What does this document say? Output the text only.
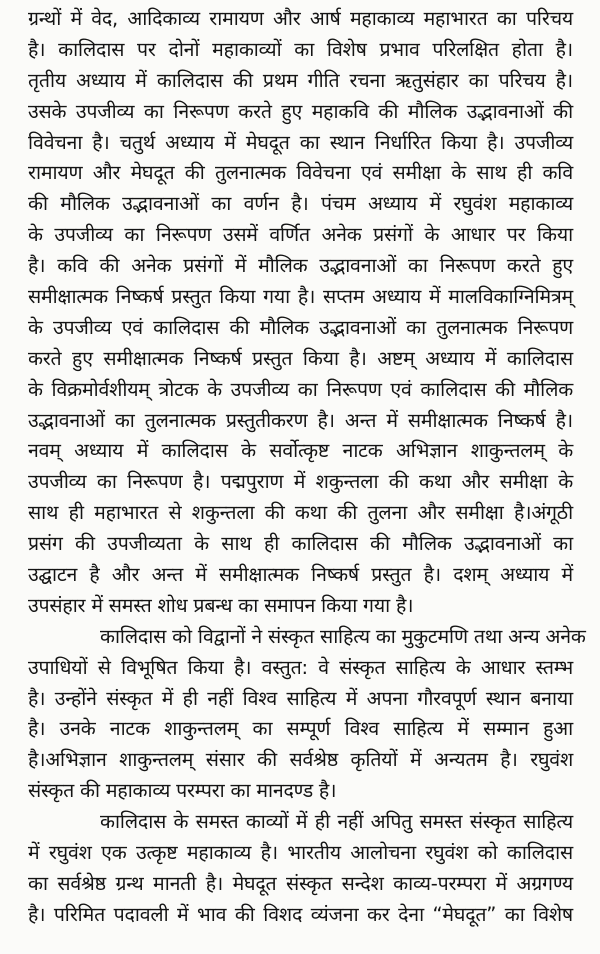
ग्रन्थों में वेद, आदिकाव्य रामायण और आर्ष महाकाव्य महाभारत का परिचय
है। कालिदास पर दोनों महाकाव्यों का विशेष प्रभाव परिलक्षित होता है।
तृतीय अध्याय में कालिदास की प्रथम गीति रचना ऋतुसंहार का परिचय है।
उसके उपजीव्य का निरूपण करते हुए महाकवि की मौलिक उद्भावनाओं की
विवेचना है। चतुर्थ अध्याय में मेघदूत का स्थान निर्धारित किया है। उपजीव्य
रामायण और मेघदूत की तुलनात्मक विवेचना एवं समीक्षा के साथ ही कवि
की मौलिक उद्भावनाओं का वर्णन है। पंचम अध्याय में रघुवंश महाकाव्य
के उपजीव्य का निरूपण उसमें वर्णित अनेक प्रसंगों के आधार पर किया
है। कवि की अनेक प्रसंगों में मौलिक उद्भावनाओं का निरूपण करते हुए
समीक्षात्मक निष्कर्ष प्रस्तुत किया गया है। सप्तम अध्याय में मालविकाग्निमित्रम्
के उपजीव्य एवं कालिदास की मौलिक उद्भावनाओं का तुलनात्मक निरूपण
करते हुए समीक्षात्मक निष्कर्ष प्रस्तुत किया है। अष्टम् अध्याय में कालिदास
के विक्रमोर्वशीयम् त्रोटक के उपजीव्य का निरूपण एवं कालिदास की मौलिक
उद्भावनाओं का तुलनात्मक प्रस्तुतीकरण है। अन्त में समीक्षात्मक निष्कर्ष है।
नवम् अध्याय में कालिदास के सर्वोत्कृष्ट नाटक अभिज्ञान शाकुन्तलम् के
उपजीव्य का निरूपण है। पद्मपुराण में शकुन्तला की कथा और समीक्षा के
साथ ही महाभारत से शकुन्तला की कथा की तुलना और समीक्षा है।अंगूठी
प्रसंग की उपजीव्यता के साथ ही कालिदास की मौलिक उद्भावनाओं का
उद्घाटन है और अन्त में समीक्षात्मक निष्कर्ष प्रस्तुत है। दशम् अध्याय में
उपसंहार में समस्त शोध प्रबन्ध का समापन किया गया है।
कालिदास को विद्वानों ने संस्कृत साहित्य का मुकुटमणि तथा अन्य अनेक
उपाधियों से विभूषित किया है। वस्तुत: वे संस्कृत साहित्य के आधार स्तम्भ
है। उन्होंने संस्कृत में ही नहीं विश्व साहित्य में अपना गौरवपूर्ण स्थान बनाया
है। उनके नाटक शाकुन्तलम् का सम्पूर्ण विश्व साहित्य में सम्मान हुआ
है।अभिज्ञान शाकुन्तलम् संसार की सर्वश्रेष्ठ कृतियों में अन्यतम है। रघुवंश
संस्कृत की महाकाव्य परम्परा का मानदण्ड है।
कालिदास के समस्त काव्यों में ही नहीं अपितु समस्त संस्कृत साहित्य
में रघुवंश एक उत्कृष्ट महाकाव्य है। भारतीय आलोचना रघुवंश को कालिदास
का सर्वश्रेष्ठ ग्रन्थ मानती है। मेघदूत संस्कृत सन्देश काव्य-परम्परा में अग्रगण्य
है। परिमित पदावली में भाव की विशद व्यंजना कर देना “मेघदूत” का विशेष
